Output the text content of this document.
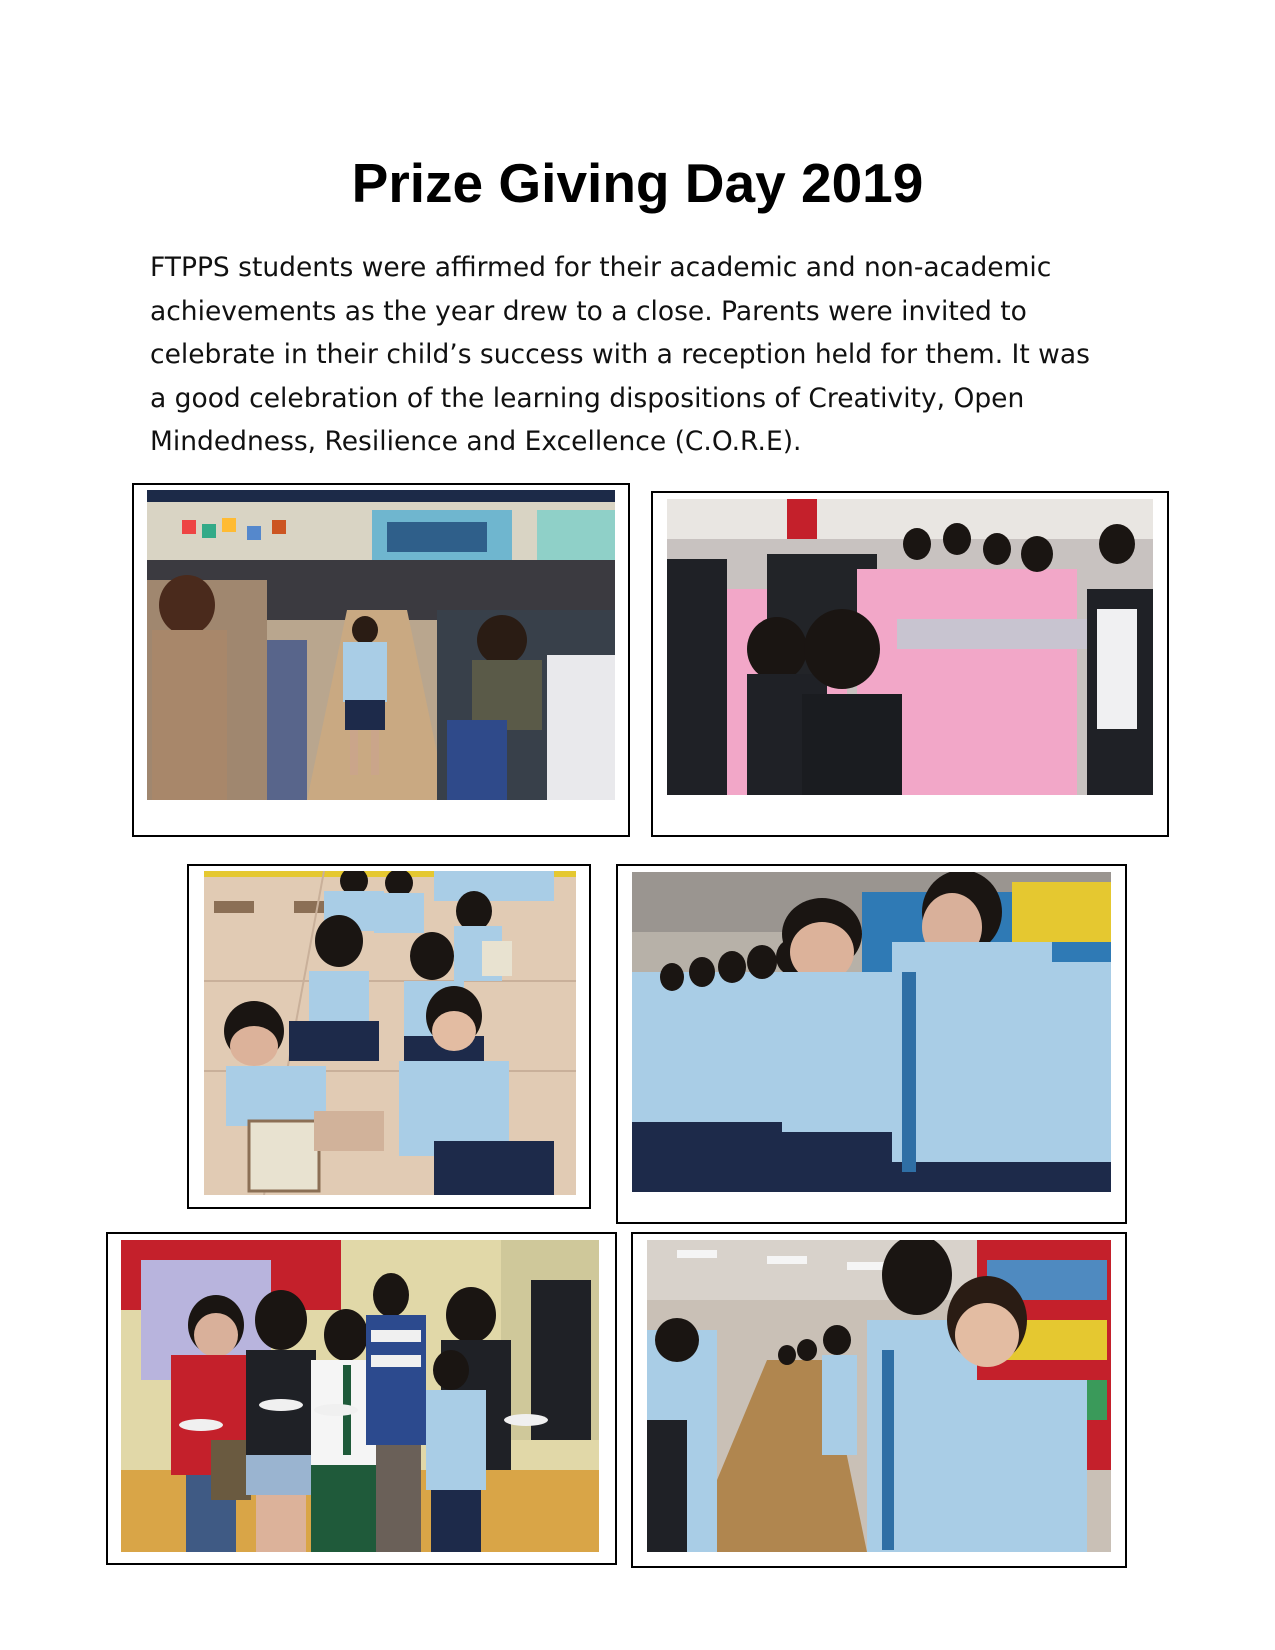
Prize Giving Day 2019

FTPPS students were affirmed for their academic and non-academic
achievements as the year drew to a close. Parents were invited to
celebrate in their child’s success with a reception held for them. It was
a good celebration of the learning dispositions of Creativity, Open
Mindedness, Resilience and Excellence (C.O.R.E).
